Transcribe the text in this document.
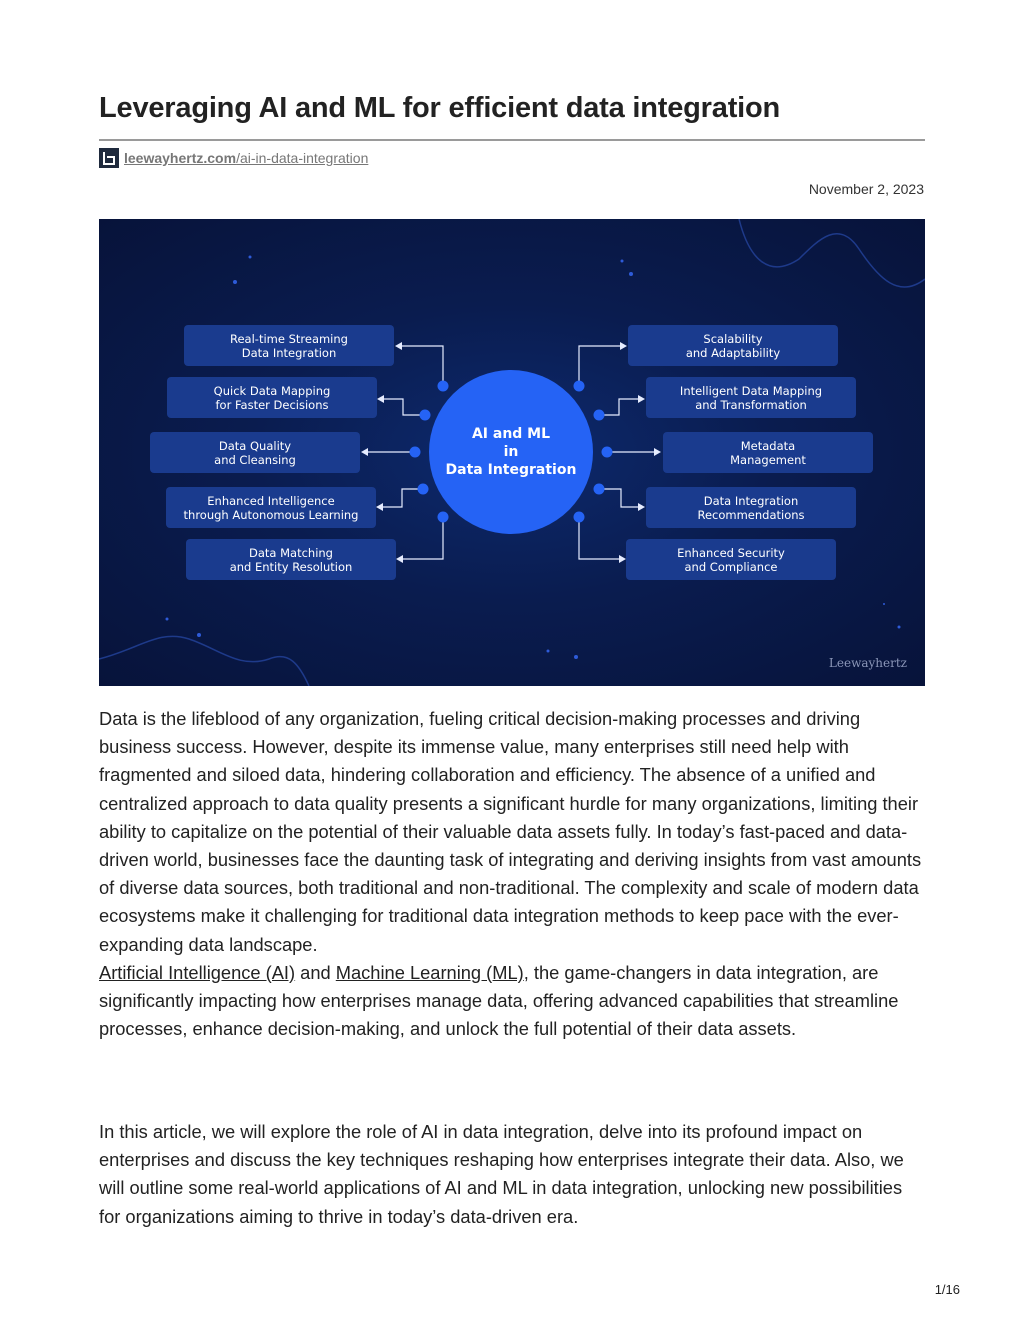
Leveraging AI and ML for efficient data integration
leewayhertz.com/ai-in-data-integration
November 2, 2023
Real-time Streaming
Data Integration
Quick Data Mapping
for Faster Decisions
Data Quality
and Cleansing
Enhanced Intelligence
through Autonomous Learning
Data Matching
and Entity Resolution
Scalability
and Adaptability
Intelligent Data Mapping
and Transformation
Metadata
Management
Data Integration
Recommendations
Enhanced Security
and Compliance
AI and ML
in
Data Integration
Leewayhertz

Data is the lifeblood of any organization, fueling critical decision-making processes and driving business success. However, despite its immense value, many enterprises still need help with fragmented and siloed data, hindering collaboration and efficiency. The absence of a unified and centralized approach to data quality presents a significant hurdle for many organizations, limiting their ability to capitalize on the potential of their valuable data assets fully. In today’s fast-paced and data-driven world, businesses face the daunting task of integrating and deriving insights from vast amounts of diverse data sources, both traditional and non-traditional. The complexity and scale of modern data ecosystems make it challenging for traditional data integration methods to keep pace with the ever-expanding data landscape.
Artificial Intelligence (AI) and Machine Learning (ML), the game-changers in data integration, are significantly impacting how enterprises manage data, offering advanced capabilities that streamline processes, enhance decision-making, and unlock the full potential of their data assets.

In this article, we will explore the role of AI in data integration, delve into its profound impact on enterprises and discuss the key techniques reshaping how enterprises integrate their data. Also, we will outline some real-world applications of AI and ML in data integration, unlocking new possibilities for organizations aiming to thrive in today’s data-driven era.

1/16
